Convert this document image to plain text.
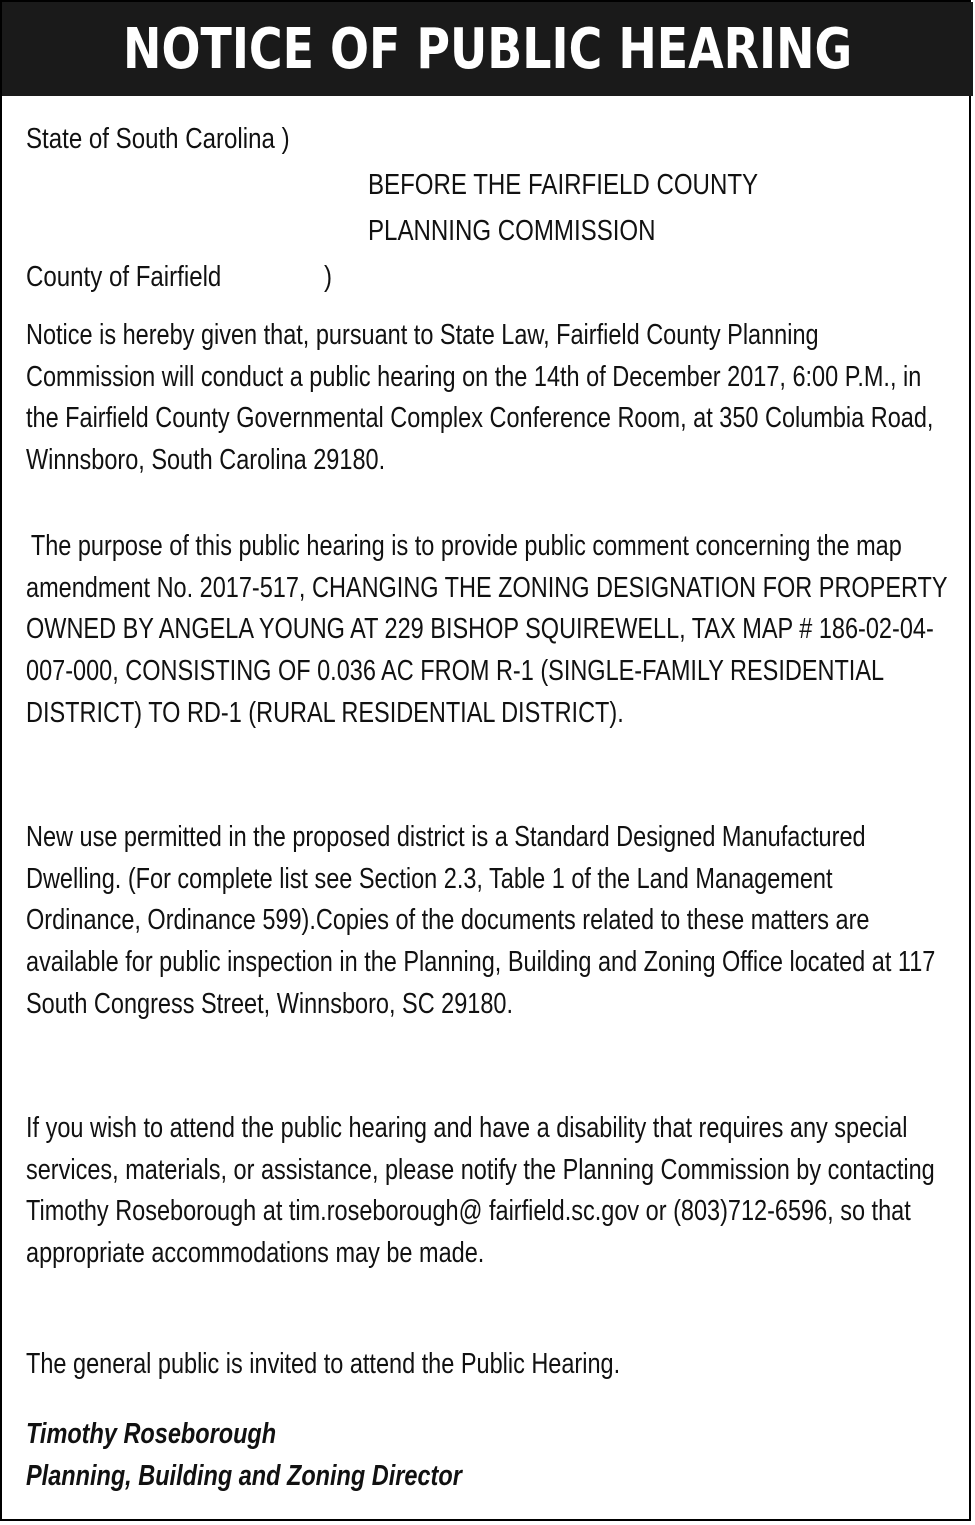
NOTICE OF PUBLIC HEARING
State of South Carolina )
BEFORE THE FAIRFIELD COUNTY
PLANNING COMMISSION
County of Fairfield	)

Notice is hereby given that, pursuant to State Law, Fairfield County Planning Commission will conduct a public hearing on the 14th of December 2017, 6:00 P.M., in the Fairfield County Governmental Complex Conference Room, at 350 Columbia Road, Winnsboro, South Carolina 29180.

The purpose of this public hearing is to provide public comment concerning the map amendment No. 2017-517, CHANGING THE ZONING DESIGNATION FOR PROPERTY OWNED BY ANGELA YOUNG AT 229 BISHOP SQUIREWELL, TAX MAP # 186-02-04-007-000, CONSISTING OF 0.036 AC FROM R-1 (SINGLE-FAMILY RESIDENTIAL DISTRICT) TO RD-1 (RURAL RESIDENTIAL DISTRICT).

New use permitted in the proposed district is a Standard Designed Manufactured Dwelling. (For complete list see Section 2.3, Table 1 of the Land Management Ordinance, Ordinance 599).Copies of the documents related to these matters are available for public inspection in the Planning, Building and Zoning Office located at 117 South Congress Street, Winnsboro, SC 29180.

If you wish to attend the public hearing and have a disability that requires any special services, materials, or assistance, please notify the Planning Commission by contacting Timothy Roseborough at tim.roseborough@ fairfield.sc.gov or (803)712-6596, so that appropriate accommodations may be made.

The general public is invited to attend the Public Hearing.

Timothy Roseborough
Planning, Building and Zoning Director
